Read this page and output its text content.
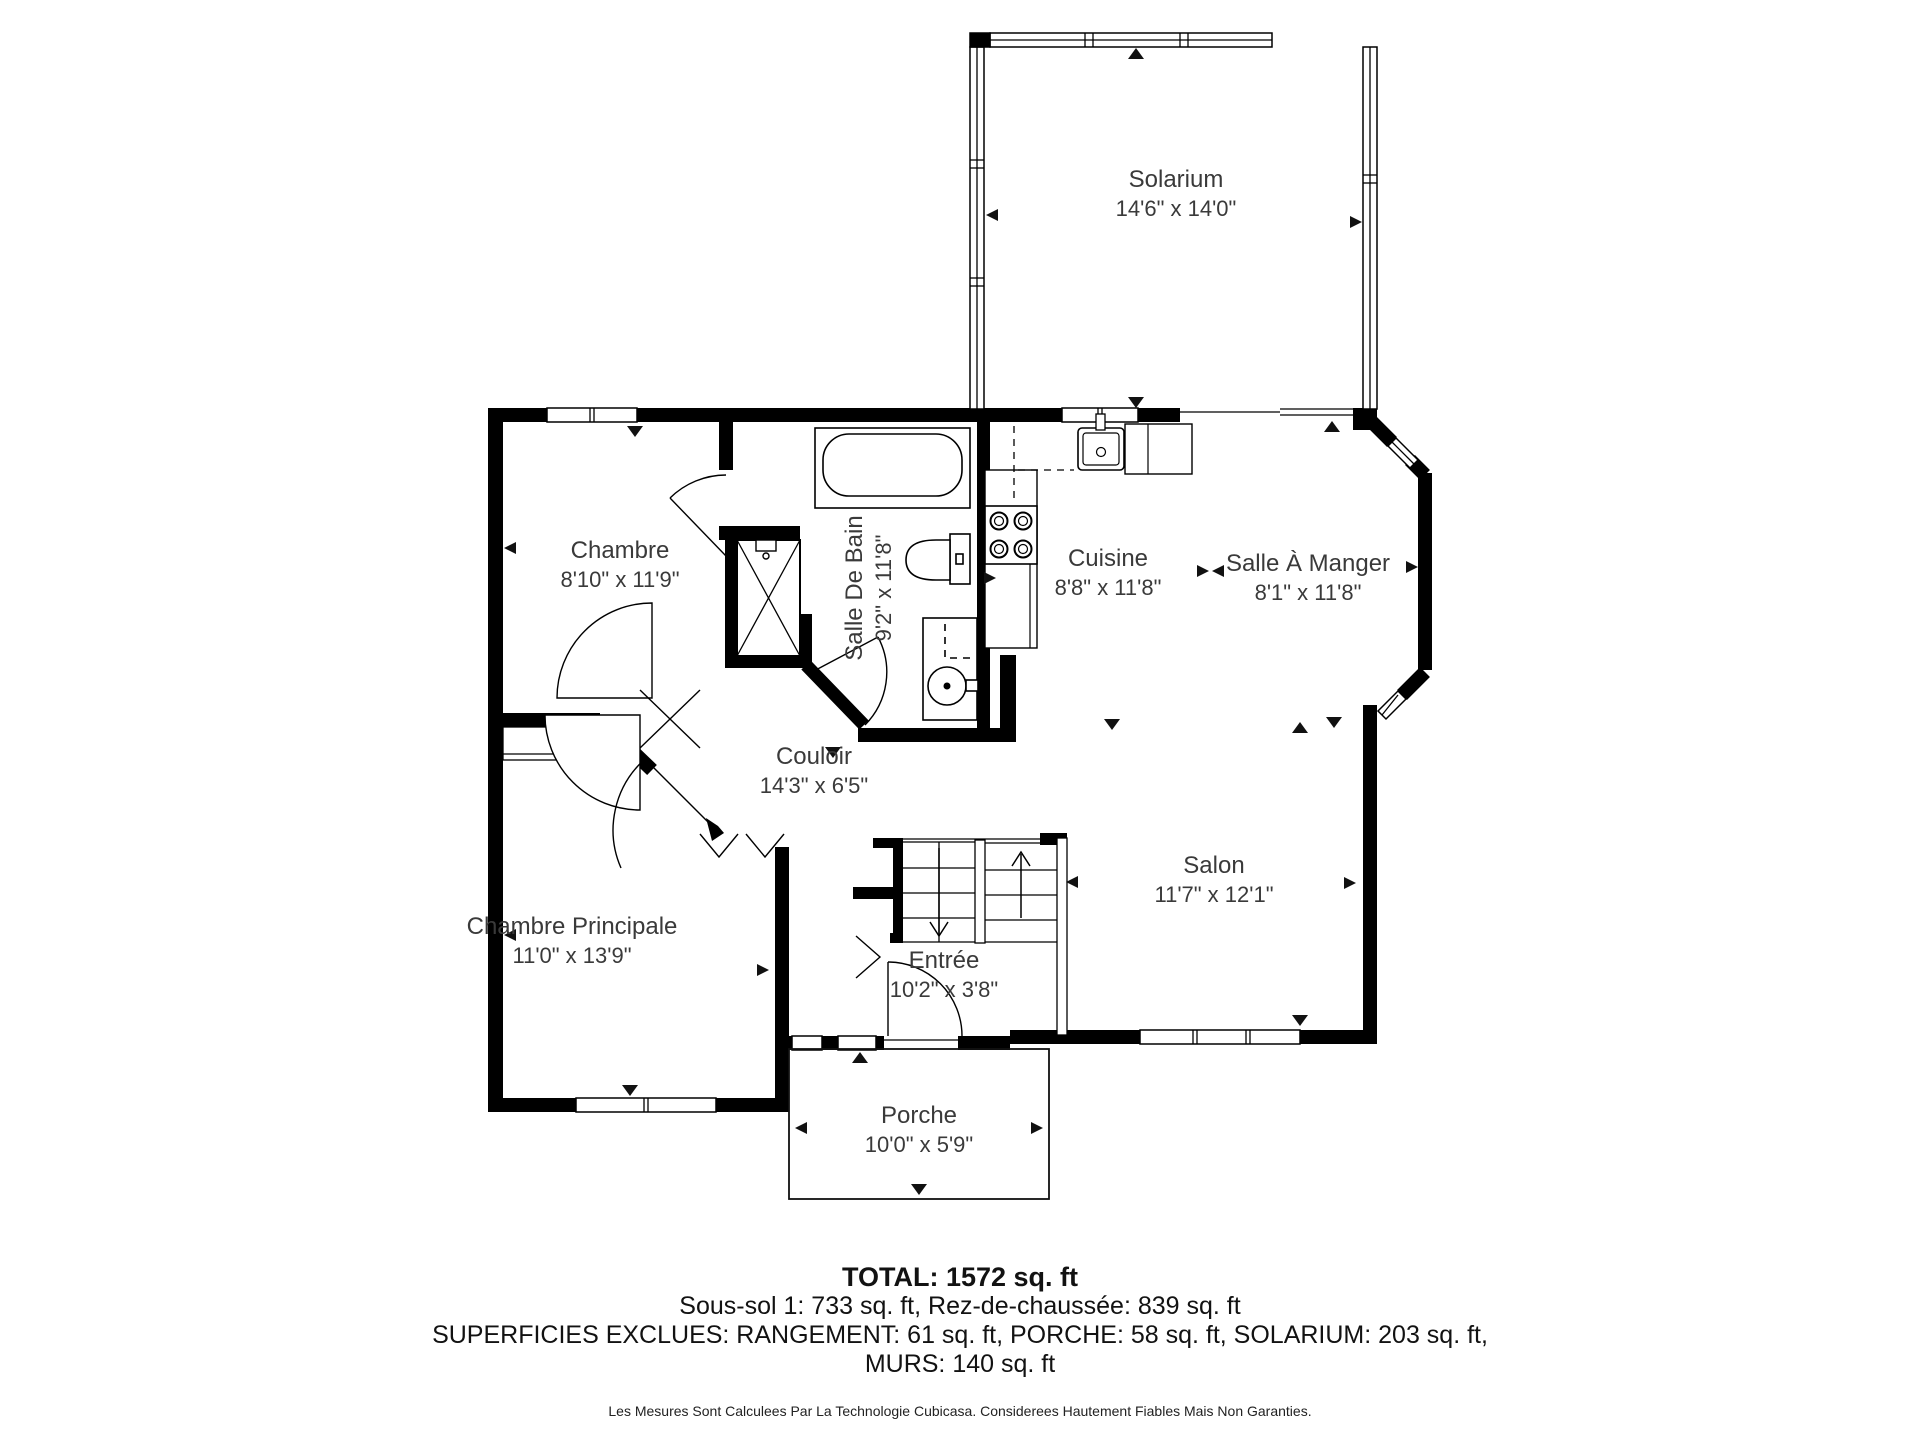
Solarium
14'6" x 14'0"
Chambre
8'10" x 11'9"	Salle De Bain 9'2" x 11'8"	Cuisine
8'8" x 11'8"
Salle À Manger
8'1" x 11'8"
Couloir
14'3" x 6'5"
Chambre Principale
11'0" x 13'9"	Entrée
10'2" x 3'8"
Salon
11'7" x 12'1"
Porche
10'0" x 5'9"
TOTAL: 1572 sq. ft
Sous-sol 1: 733 sq. ft, Rez-de-chaussée: 839 sq. ft
SUPERFICIES EXCLUES: RANGEMENT: 61 sq. ft, PORCHE: 58 sq. ft, SOLARIUM: 203 sq. ft,
MURS: 140 sq. ft
Les Mesures Sont Calculees Par La Technologie Cubicasa. Considerees Hautement Fiables Mais Non Garanties.
